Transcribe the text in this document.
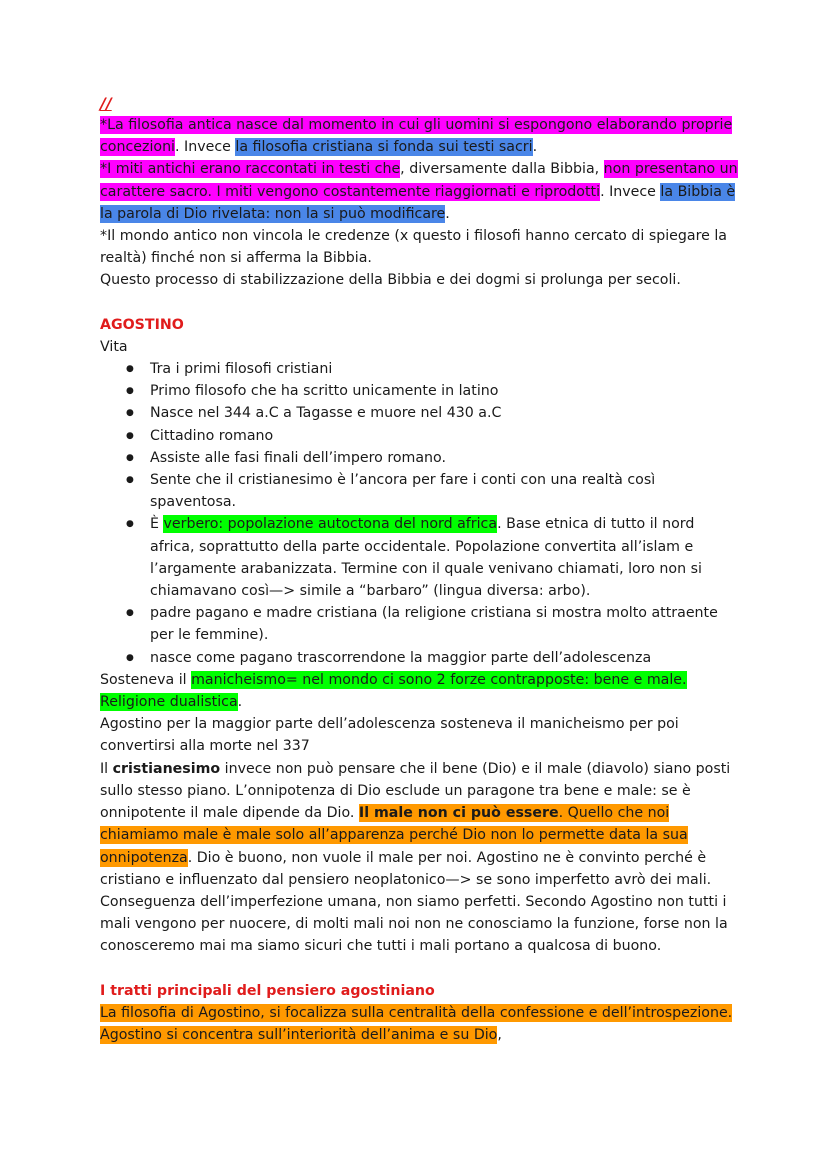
//

*La filosofia antica nasce dal momento in cui gli uomini si espongono elaborando proprie concezioni. Invece la filosofia cristiana si fonda sui testi sacri.

*I miti antichi erano raccontati in testi che, diversamente dalla Bibbia, non presentano un carattere sacro. I miti vengono costantemente riaggiornati e riprodotti. Invece la Bibbia è la parola di Dio rivelata: non la si può modificare.

*Il mondo antico non vincola le credenze (x questo i filosofi hanno cercato di spiegare la realtà) finché non si afferma la Bibbia.

Questo processo di stabilizzazione della Bibbia e dei dogmi si prolunga per secoli.

AGOSTINO

Vita

● Tra i primi filosofi cristiani
● Primo filosofo che ha scritto unicamente in latino
● Nasce nel 344 a.C a Tagasse e muore nel 430 a.C
● Cittadino romano
● Assiste alle fasi finali dell’impero romano.
● Sente che il cristianesimo è l’ancora per fare i conti con una realtà così spaventosa.
● È verbero: popolazione autoctona del nord africa. Base etnica di tutto il nord africa, soprattutto della parte occidentale. Popolazione convertita all’islam e l’argamente arabanizzata. Termine con il quale venivano chiamati, loro non si chiamavano così—> simile a “barbaro” (lingua diversa: arbo).
● padre pagano e madre cristiana (la religione cristiana si mostra molto attraente per le femmine).
● nasce come pagano trascorrendone la maggior parte dell’adolescenza

Sosteneva il manicheismo= nel mondo ci sono 2 forze contrapposte: bene e male. Religione dualistica.

Agostino per la maggior parte dell’adolescenza sosteneva il manicheismo per poi convertirsi alla morte nel 337

Il cristianesimo invece non può pensare che il bene (Dio) e il male (diavolo) siano posti sullo stesso piano. L’onnipotenza di Dio esclude un paragone tra bene e male: se è onnipotente il male dipende da Dio. Il male non ci può essere. Quello che noi chiamiamo male è male solo all’apparenza perché Dio non lo permette data la sua onnipotenza. Dio è buono, non vuole il male per noi. Agostino ne è convinto perché è cristiano e influenzato dal pensiero neoplatonico—> se sono imperfetto avrò dei mali. Conseguenza dell’imperfezione umana, non siamo perfetti. Secondo Agostino non tutti i mali vengono per nuocere, di molti mali noi non ne conosciamo la funzione, forse non la conosceremo mai ma siamo sicuri che tutti i mali portano a qualcosa di buono.

I tratti principali del pensiero agostiniano

La filosofia di Agostino, si focalizza sulla centralità della confessione e dell’introspezione. Agostino si concentra sull’interiorità dell’anima e su Dio,
